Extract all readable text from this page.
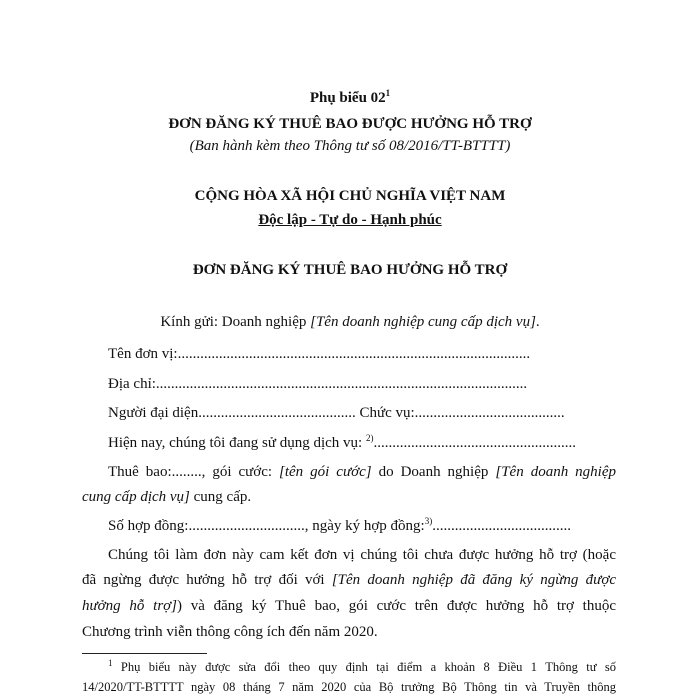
Phụ biểu $02^1$
ĐƠN ĐĂNG KÝ THUÊ BAO ĐƯỢC HƯỞNG HỖ TRỢ
(Ban hành kèm theo Thông tư số 08/2016/TT-BTTTT)
CỘNG HÒA XÃ HỘI CHỦ NGHĨA VIỆT NAM
Độc lập - Tự do - Hạnh phúc
ĐƠN ĐĂNG KÝ THUÊ BAO HƯỞNG HỖ TRỢ
Kính gửi: Doanh nghiệp [Tên doanh nghiệp cung cấp dịch vụ].
Tên đơn vị:..............................................................................................
Địa chỉ:...................................................................................................
Người đại diện.......................................... Chức vụ:........................................
Hiện nay, chúng tôi đang sử dụng dịch vụ: $^{2)}$......................................................
Thuê bao:........, gói cước: [tên gói cước] do Doanh nghiệp [Tên doanh nghiệp
cung cấp dịch vụ] cung cấp.
Số hợp đồng:..............................., ngày ký hợp đồng:$^{3)}$.....................................
Chúng tôi làm đơn này cam kết đơn vị chúng tôi chưa được hưởng hỗ trợ (hoặc
đã ngừng được hưởng hỗ trợ đối với [Tên doanh nghiệp đã đăng ký ngừng được
hưởng hỗ trợ]) và đăng ký Thuê bao, gói cước trên được hưởng hỗ trợ thuộc
Chương trình viễn thông công ích đến năm 2020.
$^1$ Phụ biểu này được sửa đổi theo quy định tại điểm a khoản 8 Điều 1 Thông tư số
14/2020/TT-BTTTT ngày 08 tháng 7 năm 2020 của Bộ trưởng Bộ Thông tin và Truyền thông
